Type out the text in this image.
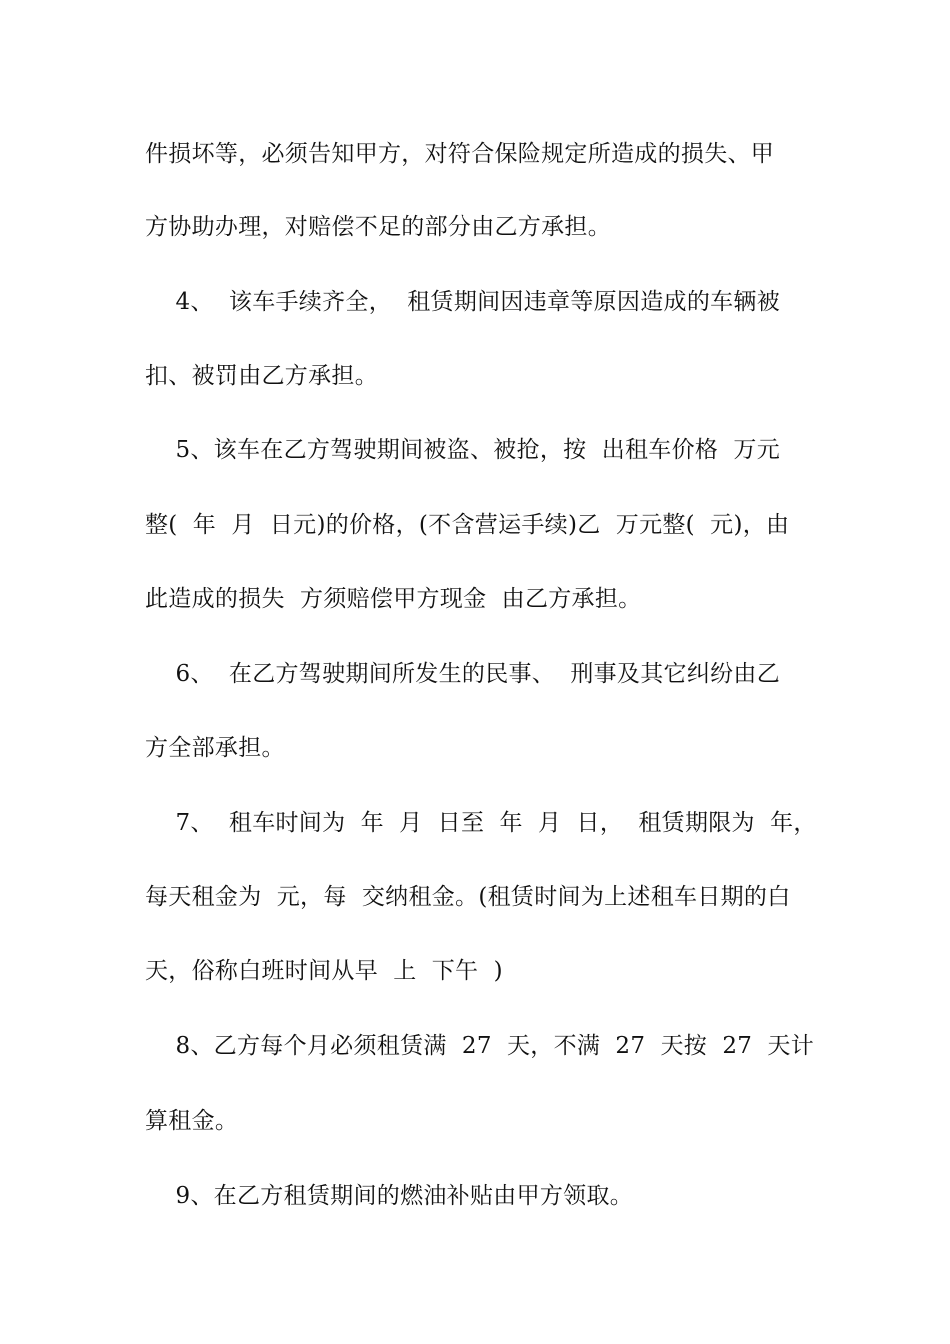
件损坏等，必须告知甲方，对符合保险规定所造成的损失、甲
方协助办理，对赔偿不足的部分由乙方承担。
4、  该车手续齐全，  租赁期间因违章等原因造成的车辆被
扣、被罚由乙方承担。
5、该车在乙方驾驶期间被盗、被抢，按  出租车价格  万元
整(  年  月  日元)的价格，(不含营运手续)乙  万元整(  元)，由
此造成的损失  方须赔偿甲方现金  由乙方承担。
6、  在乙方驾驶期间所发生的民事、  刑事及其它纠纷由乙
方全部承担。
7、  租车时间为  年  月  日至  年  月  日，  租赁期限为  年，
每天租金为  元，每  交纳租金。(租赁时间为上述租车日期的白
天，俗称白班时间从早  上  下午  )
8、乙方每个月必须租赁满  27  天，不满  27  天按  27  天计
算租金。
9、在乙方租赁期间的燃油补贴由甲方领取。
